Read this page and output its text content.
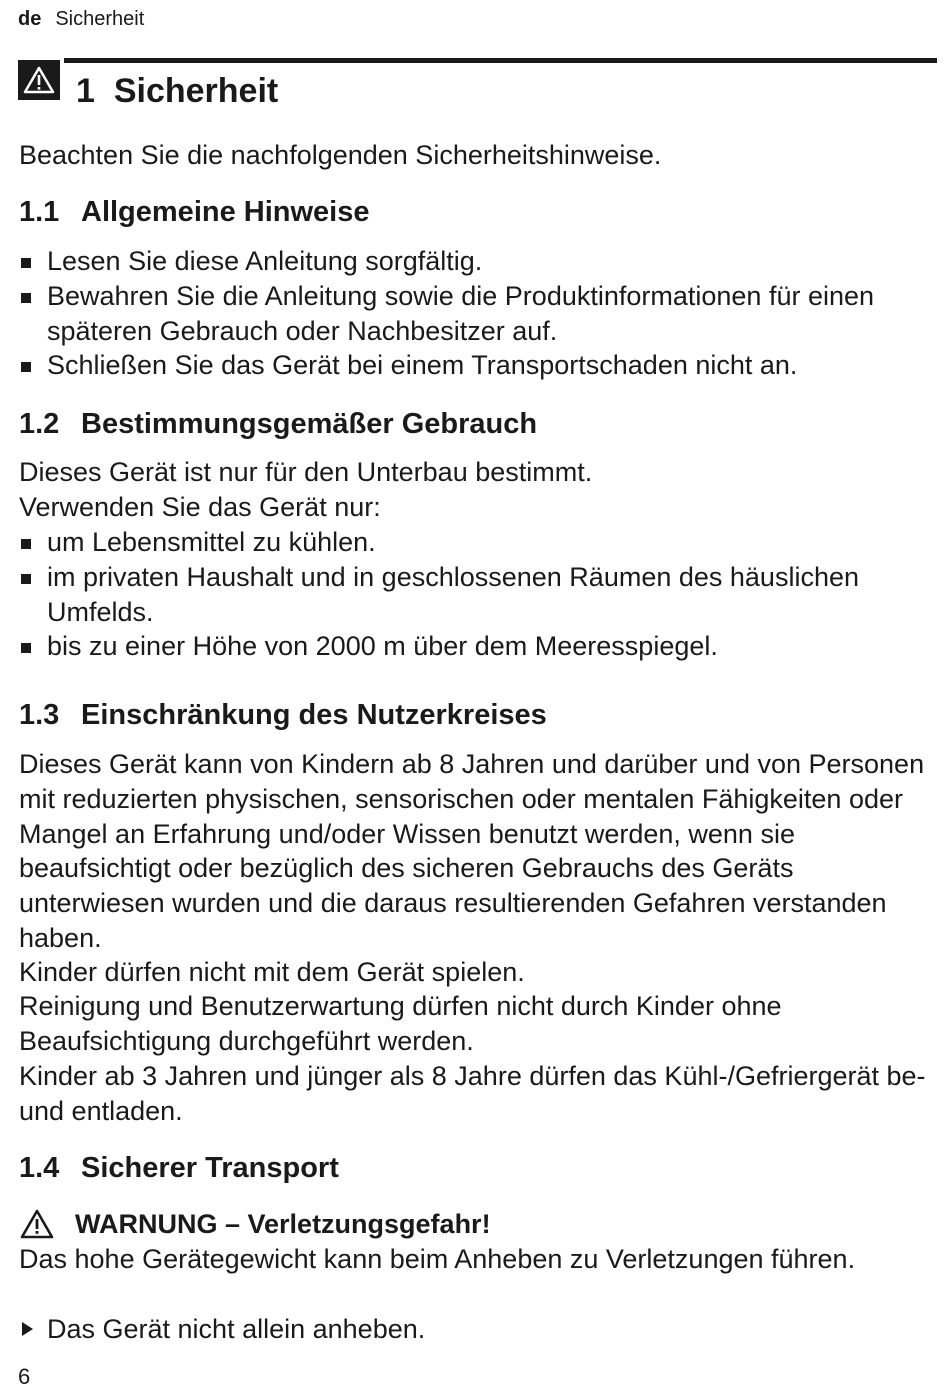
de Sicherheit
1 Sicherheit

Beachten Sie die nachfolgenden Sicherheitshinweise.

1.1 Allgemeine Hinweise
Lesen Sie diese Anleitung sorgfältig.
Bewahren Sie die Anleitung sowie die Produktinformationen für einen späteren Gebrauch oder Nachbesitzer auf.
Schließen Sie das Gerät bei einem Transportschaden nicht an.
1.2 Bestimmungsgemäßer Gebrauch

Dieses Gerät ist nur für den Unterbau bestimmt.

Verwenden Sie das Gerät nur:

um Lebensmittel zu kühlen.
im privaten Haushalt und in geschlossenen Räumen des häuslichen Umfelds.
bis zu einer Höhe von 2000 m über dem Meeresspiegel.
1.3 Einschränkung des Nutzerkreises

Dieses Gerät kann von Kindern ab 8 Jahren und darüber und von Personen mit reduzierten physischen, sensorischen oder mentalen Fähigkeiten oder Mangel an Erfahrung und/oder Wissen benutzt werden, wenn sie beaufsichtigt oder bezüglich des sicheren Gebrauchs des Geräts unterwiesen wurden und die daraus resultierenden Gefahren verstanden haben.

Kinder dürfen nicht mit dem Gerät spielen.

Reinigung und Benutzerwartung dürfen nicht durch Kinder ohne Beaufsichtigung durchgeführt werden.

Kinder ab 3 Jahren und jünger als 8 Jahre dürfen das Kühl-/Gefriergerät be- und entladen.

1.4 Sicherer Transport
WARNUNG – Verletzungsgefahr!

Das hohe Gerätegewicht kann beim Anheben zu Verletzungen führen.

Das Gerät nicht allein anheben.
6
